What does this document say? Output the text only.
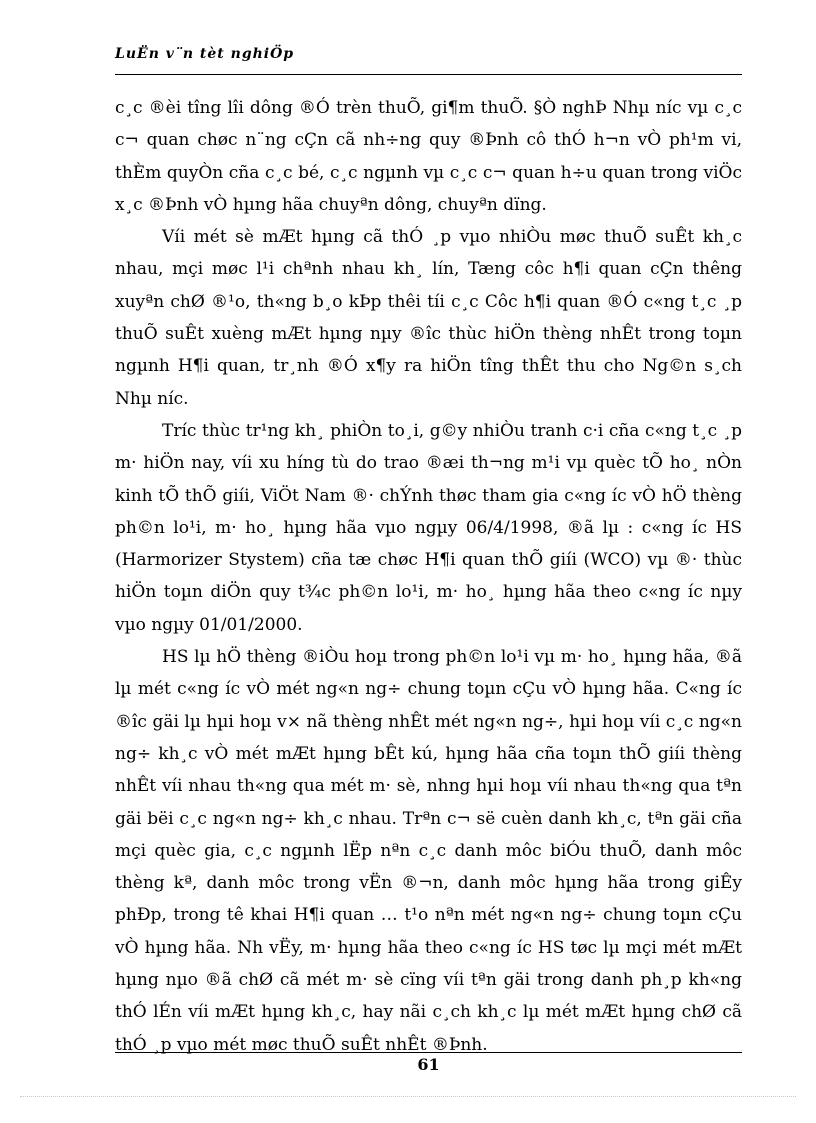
LuËn v¨n tèt nghiÖp

c¸c ®èi tîng lîi dông ®Ó trèn thuÕ, gi¶m thuÕ. §Ò nghÞ Nhµ níc vµ c¸c c¬ quan chøc n¨ng cÇn cã nh÷ng quy ®Þnh cô thÓ h¬n vÒ ph¹m vi, thÈm quyÒn cña c¸c bé, c¸c ngµnh vµ c¸c c¬ quan h÷u quan trong viÖc x¸c ®Þnh vÒ hµng hãa chuyªn dông, chuyªn dïng.

Víi mét sè mÆt hµng cã thÓ ¸p vµo nhiÒu møc thuÕ suÊt kh¸c nhau, mçi møc l¹i chªnh nhau kh¸ lín, Tæng côc h¶i quan cÇn thêng xuyªn chØ ®¹o, th«ng b¸o kÞp thêi tíi c¸c Côc h¶i quan ®Ó c«ng t¸c ¸p thuÕ suÊt xuèng mÆt hµng nµy ®îc thùc hiÖn thèng nhÊt trong toµn ngµnh H¶i quan, tr¸nh ®Ó x¶y ra hiÖn tîng thÊt thu cho Ng©n s¸ch Nhµ níc.

Tríc thùc tr¹ng kh¸ phiÒn to¸i, g©y nhiÒu tranh c·i cña c«ng t¸c ¸p m· hiÖn nay, víi xu híng tù do trao ®æi th¬ng m¹i vµ quèc tÕ ho¸ nÒn kinh tÕ thÕ giíi, ViÖt Nam ®· chÝnh thøc tham gia c«ng íc vÒ hÖ thèng ph©n lo¹i, m· ho¸ hµng hãa vµo ngµy 06/4/1998, ®ã lµ : c«ng íc HS (Harmorizer Stystem) cña tæ chøc H¶i quan thÕ giíi (WCO) vµ ®· thùc hiÖn toµn diÖn quy t¾c ph©n lo¹i, m· ho¸ hµng hãa theo c«ng íc nµy vµo ngµy 01/01/2000.

HS lµ hÖ thèng ®iÒu hoµ trong ph©n lo¹i vµ m· ho¸ hµng hãa, ®ã lµ mét c«ng íc vÒ mét ng«n ng÷ chung toµn cÇu vÒ hµng hãa. C«ng íc ®îc gäi lµ hµi hoµ v× nã thèng nhÊt mét ng«n ng÷, hµi hoµ víi c¸c ng«n ng÷ kh¸c vÒ mét mÆt hµng bÊt kú, hµng hãa cña toµn thÕ giíi thèng nhÊt víi nhau th«ng qua mét m· sè, nhng hµi hoµ víi nhau th«ng qua tªn gäi bëi c¸c ng«n ng÷ kh¸c nhau. Trªn c¬ së cuèn danh kh¸c, tªn gäi cña mçi quèc gia, c¸c ngµnh lËp nªn c¸c danh môc biÓu thuÕ, danh môc thèng kª, danh môc trong vËn ®¬n, danh môc hµng hãa trong giÊy phÐp, trong tê khai H¶i quan … t¹o nªn mét ng«n ng÷ chung toµn cÇu vÒ hµng hãa. Nh vËy, m· hµng hãa theo c«ng íc HS tøc lµ mçi mét mÆt hµng nµo ®ã chØ cã mét m· sè cïng víi tªn gäi trong danh ph¸p kh«ng thÓ lÉn víi mÆt hµng kh¸c, hay nãi c¸ch kh¸c lµ mét mÆt hµng chØ cã thÓ ¸p vµo mét møc thuÕ suÊt nhÊt ®Þnh.

61
